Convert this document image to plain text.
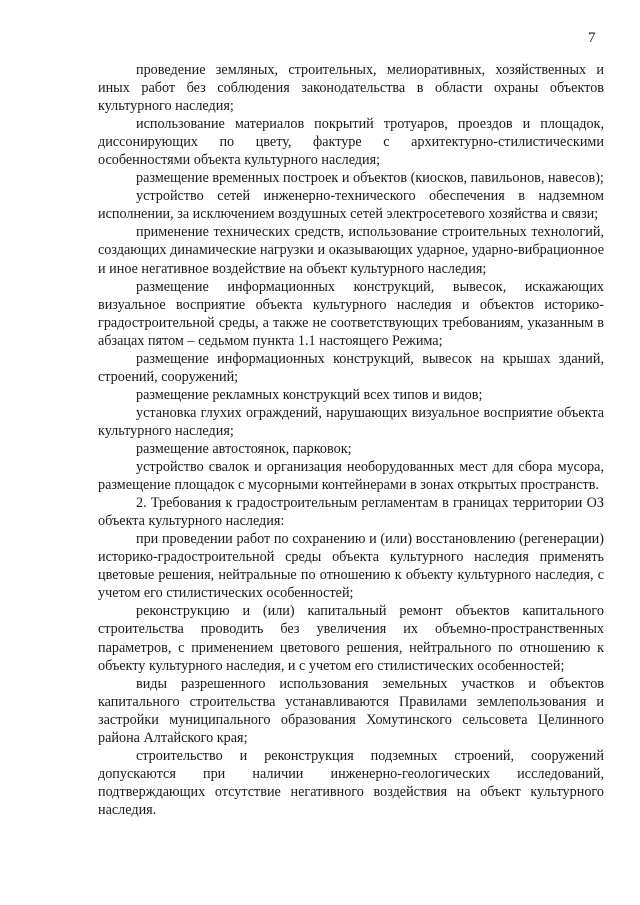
7

проведение земляных, строительных, мелиоративных, хозяйственных и иных работ без соблюдения законодательства в области охраны объектов культурного наследия;

использование материалов покрытий тротуаров, проездов и площадок, диссонирующих по цвету, фактуре с архитектурно-стилистическими особенностями объекта культурного наследия;

размещение временных построек и объектов (киосков, павильонов, навесов);

устройство сетей инженерно-технического обеспечения в надземном исполнении, за исключением воздушных сетей электросетевого хозяйства и связи;

применение технических средств, использование строительных технологий, создающих динамические нагрузки и оказывающих ударное, ударно-вибрационное и иное негативное воздействие на объект культурного наследия;

размещение информационных конструкций, вывесок, искажающих визуальное восприятие объекта культурного наследия и объектов историко-градостроительной среды, а также не соответствующих требованиям, указанным в абзацах пятом – седьмом пункта 1.1 настоящего Режима;

размещение информационных конструкций, вывесок на крышах зданий, строений, сооружений;

размещение рекламных конструкций всех типов и видов;

установка глухих ограждений, нарушающих визуальное восприятие объекта культурного наследия;

размещение автостоянок, парковок;

устройство свалок и организация необорудованных мест для сбора мусора, размещение площадок с мусорными контейнерами в зонах открытых пространств.

2. Требования к градостроительным регламентам в границах территории ОЗ объекта культурного наследия:

при проведении работ по сохранению и (или) восстановлению (регенерации) историко-градостроительной среды объекта культурного наследия применять цветовые решения, нейтральные по отношению к объекту культурного наследия, с учетом его стилистических особенностей;

реконструкцию и (или) капитальный ремонт объектов капитального строительства проводить без увеличения их объемно-пространственных параметров, с применением цветового решения, нейтрального по отношению к объекту культурного наследия, и с учетом его стилистических особенностей;

виды разрешенного использования земельных участков и объектов капитального строительства устанавливаются Правилами землепользования и застройки муниципального образования Хомутинского сельсовета Целинного района Алтайского края;

строительство и реконструкция подземных строений, сооружений допускаются при наличии инженерно-геологических исследований, подтверждающих отсутствие негативного воздействия на объект культурного наследия.
